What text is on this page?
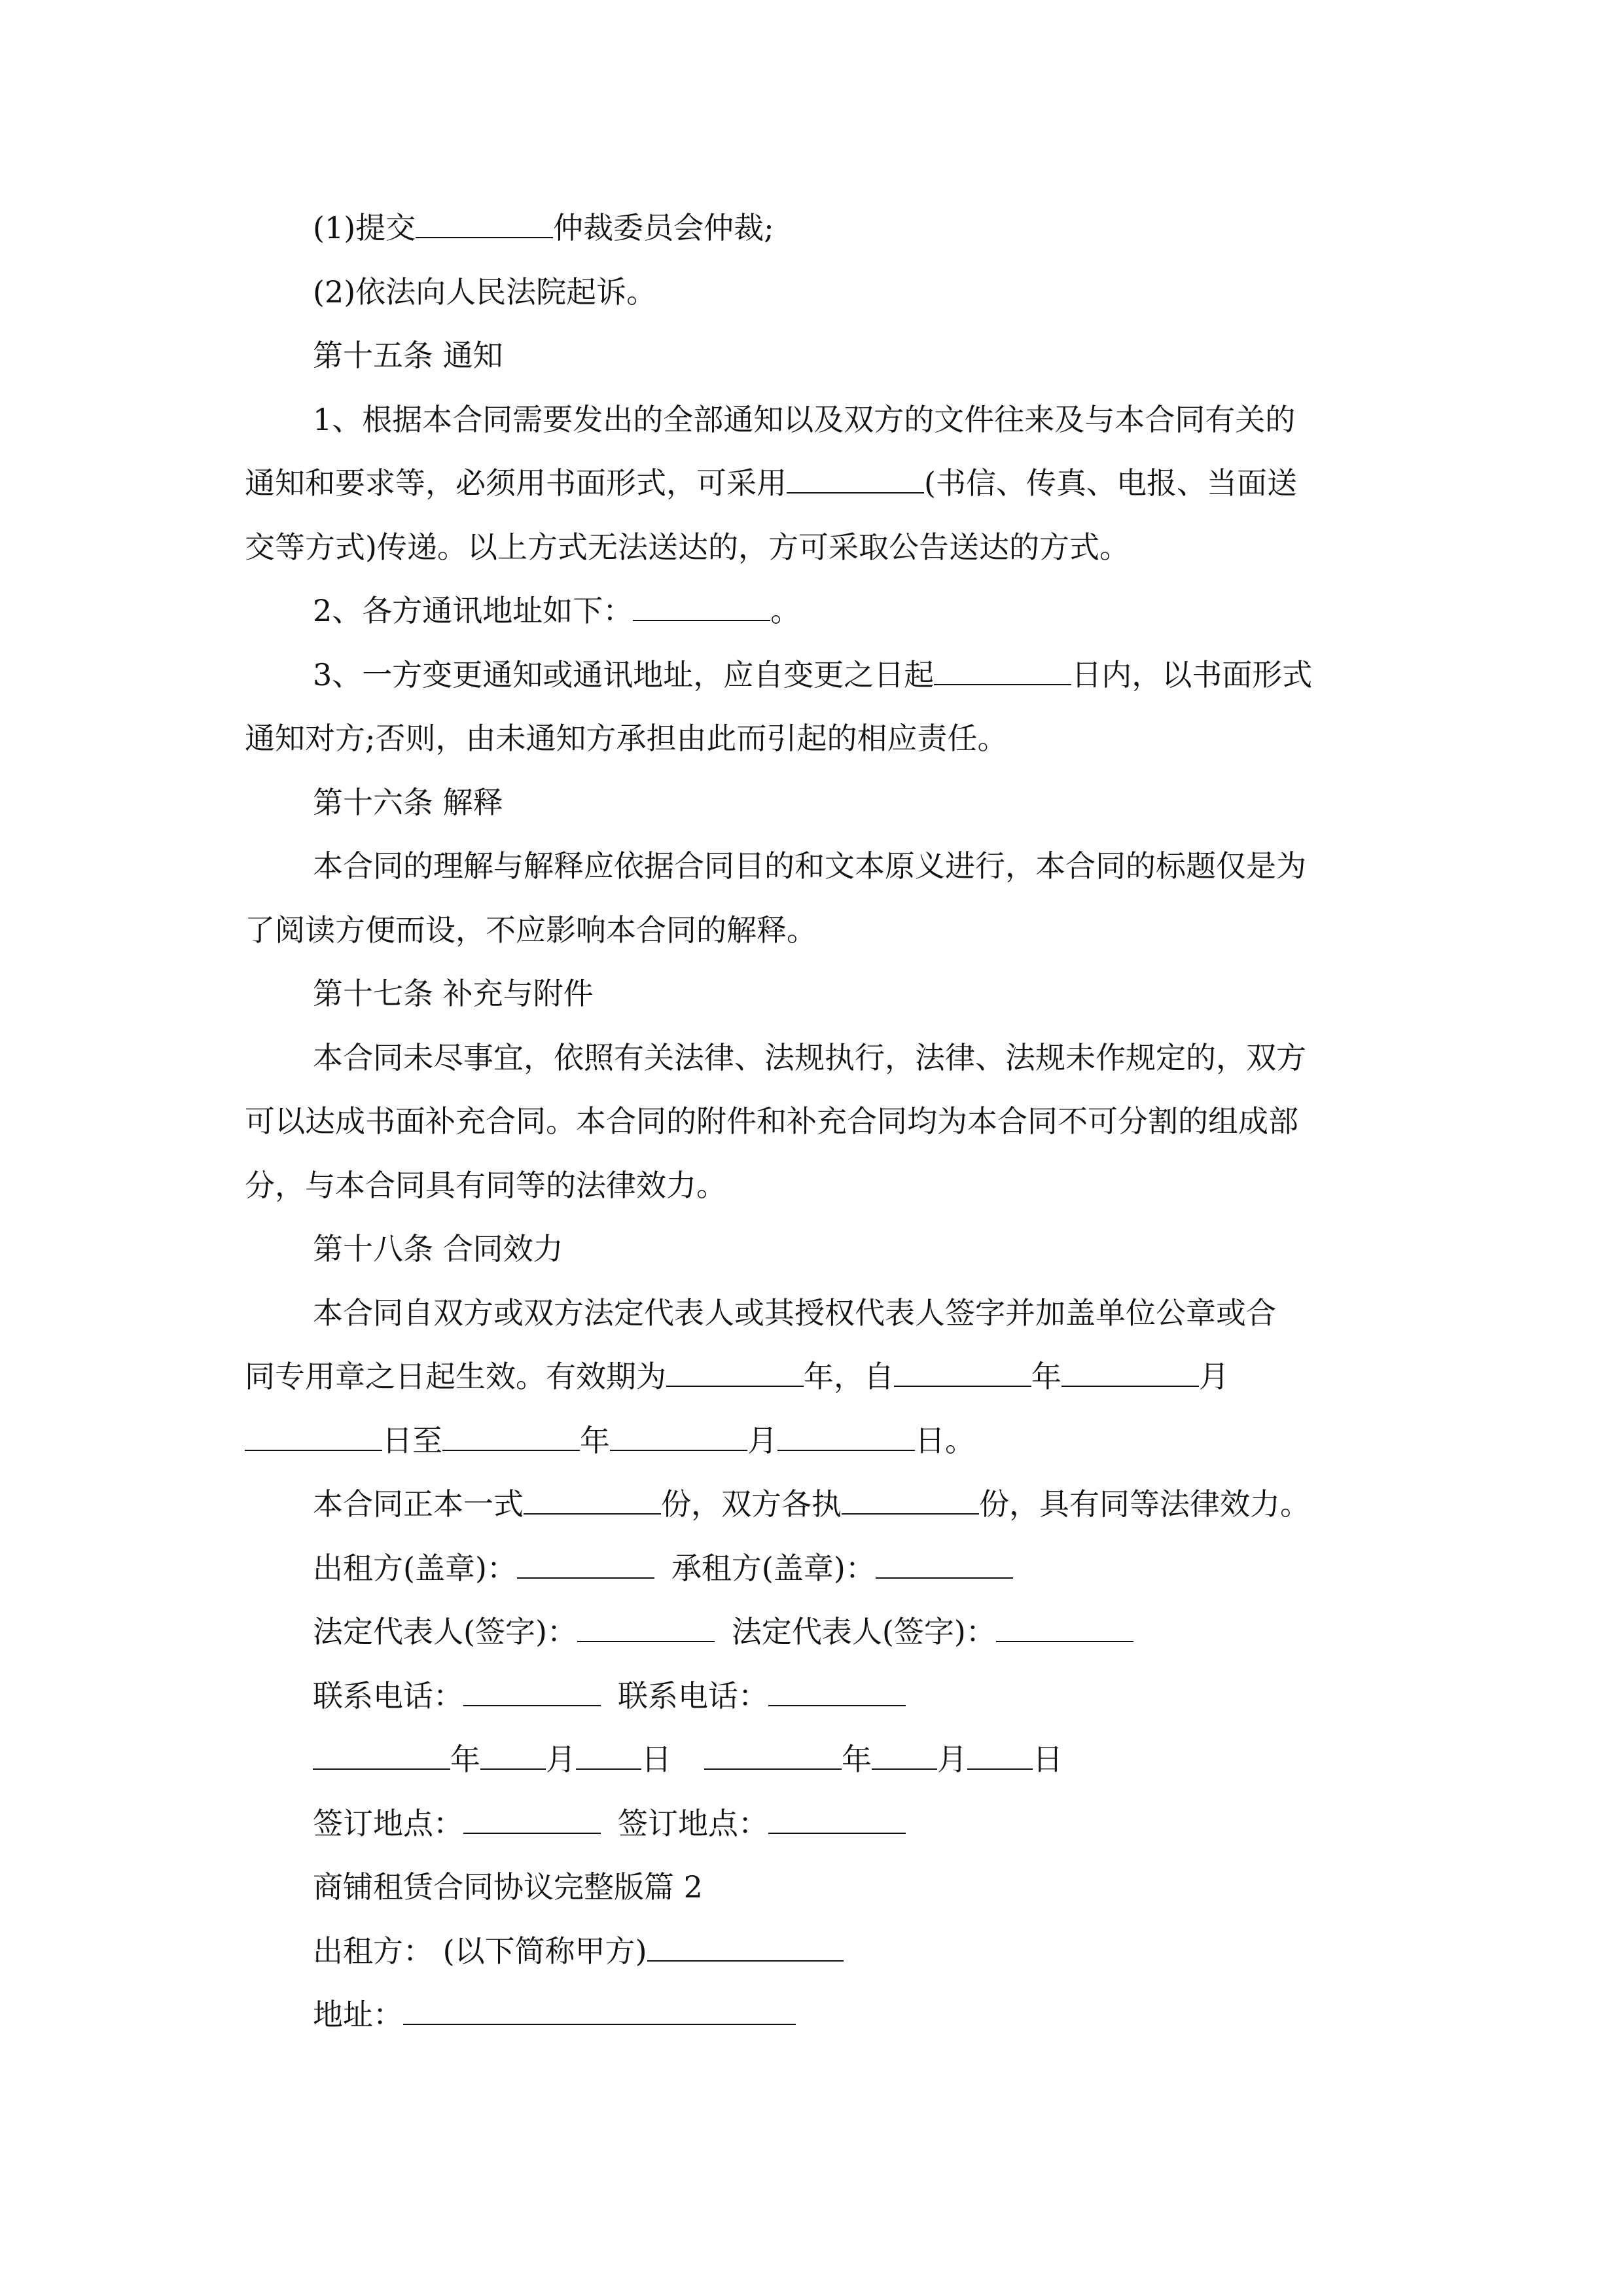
(1)提交	仲裁委员会仲裁;
(2)依法向人民法院起诉。
第十五条 通知
1、根据本合同需要发出的全部通知以及双方的文件往来及与本合同有关的
通知和要求等，必须用书面形式，可采用	(书信、传真、电报、当面送
交等方式)传递。以上方式无法送达的，方可采取公告送达的方式。
2、各方通讯地址如下：	。
3、一方变更通知或通讯地址，应自变更之日起	日内，以书面形式
通知对方;否则，由未通知方承担由此而引起的相应责任。
第十六条 解释
本合同的理解与解释应依据合同目的和文本原义进行，本合同的标题仅是为
了阅读方便而设，不应影响本合同的解释。
第十七条 补充与附件
本合同未尽事宜，依照有关法律、法规执行，法律、法规未作规定的，双方
可以达成书面补充合同。本合同的附件和补充合同均为本合同不可分割的组成部
分，与本合同具有同等的法律效力。
第十八条 合同效力
本合同自双方或双方法定代表人或其授权代表人签字并加盖单位公章或合
同专用章之日起生效。有效期为	年，自	年	月
日至	年	月	日。
本合同正本一式	份，双方各执	份，具有同等法律效力。
出租方(盖章)：	承租方(盖章)：
法定代表人(签字)：	法定代表人(签字)：
联系电话：	联系电话：
年 月 日	年 月 日
签订地点：	签订地点：
商铺租赁合同协议完整版篇 2
出租方： (以下简称甲方)
地址：
